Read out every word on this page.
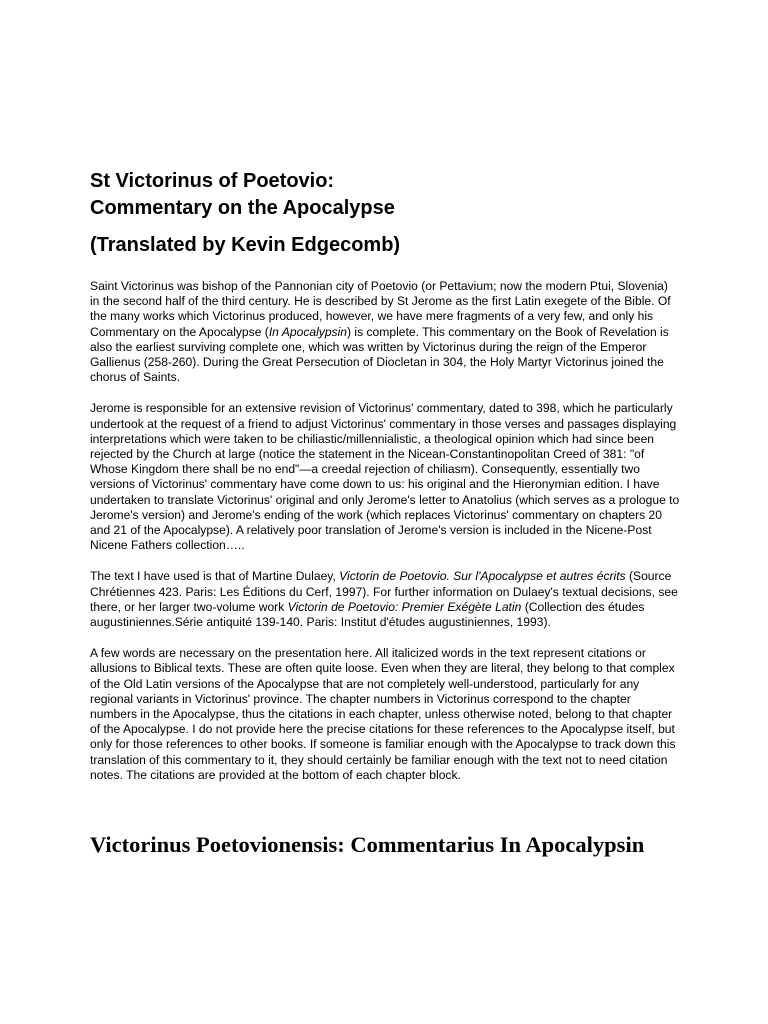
St Victorinus of Poetovio:
Commentary on the Apocalypse
(Translated by Kevin Edgecomb)

Saint Victorinus was bishop of the Pannonian city of Poetovio (or Pettavium; now the modern Ptui, Slovenia) in the second half of the third century. He is described by St Jerome as the first Latin exegete of the Bible. Of the many works which Victorinus produced, however, we have mere fragments of a very few, and only his Commentary on the Apocalypse (In Apocalypsin) is complete. This commentary on the Book of Revelation is also the earliest surviving complete one, which was written by Victorinus during the reign of the Emperor Gallienus (258-260). During the Great Persecution of Diocletan in 304, the Holy Martyr Victorinus joined the chorus of Saints.

Jerome is responsible for an extensive revision of Victorinus' commentary, dated to 398, which he particularly undertook at the request of a friend to adjust Victorinus' commentary in those verses and passages displaying interpretations which were taken to be chiliastic/millennialistic, a theological opinion which had since been rejected by the Church at large (notice the statement in the Nicean-Constantinopolitan Creed of 381: "of Whose Kingdom there shall be no end"—a creedal rejection of chiliasm). Consequently, essentially two versions of Victorinus' commentary have come down to us: his original and the Hieronymian edition. I have undertaken to translate Victorinus' original and only Jerome's letter to Anatolius (which serves as a prologue to Jerome's version) and Jerome's ending of the work (which replaces Victorinus' commentary on chapters 20 and 21 of the Apocalypse). A relatively poor translation of Jerome's version is included in the Nicene-Post Nicene Fathers collection…..

The text I have used is that of Martine Dulaey, Victorin de Poetovio. Sur l'Apocalypse et autres écrits (Source Chrétiennes 423. Paris: Les Éditions du Cerf, 1997). For further information on Dulaey's textual decisions, see there, or her larger two-volume work Victorin de Poetovio: Premier Exégète Latin (Collection des études augustiniennes.Série antiquité 139-140. Paris: Institut d'études augustiniennes, 1993).

A few words are necessary on the presentation here. All italicized words in the text represent citations or allusions to Biblical texts. These are often quite loose. Even when they are literal, they belong to that complex of the Old Latin versions of the Apocalypse that are not completely well-understood, particularly for any regional variants in Victorinus' province. The chapter numbers in Victorinus correspond to the chapter numbers in the Apocalypse, thus the citations in each chapter, unless otherwise noted, belong to that chapter of the Apocalypse. I do not provide here the precise citations for these references to the Apocalypse itself, but only for those references to other books. If someone is familiar enough with the Apocalypse to track down this translation of this commentary to it, they should certainly be familiar enough with the text not to need citation notes. The citations are provided at the bottom of each chapter block.

Victorinus Poetovionensis: Commentarius In Apocalypsin
